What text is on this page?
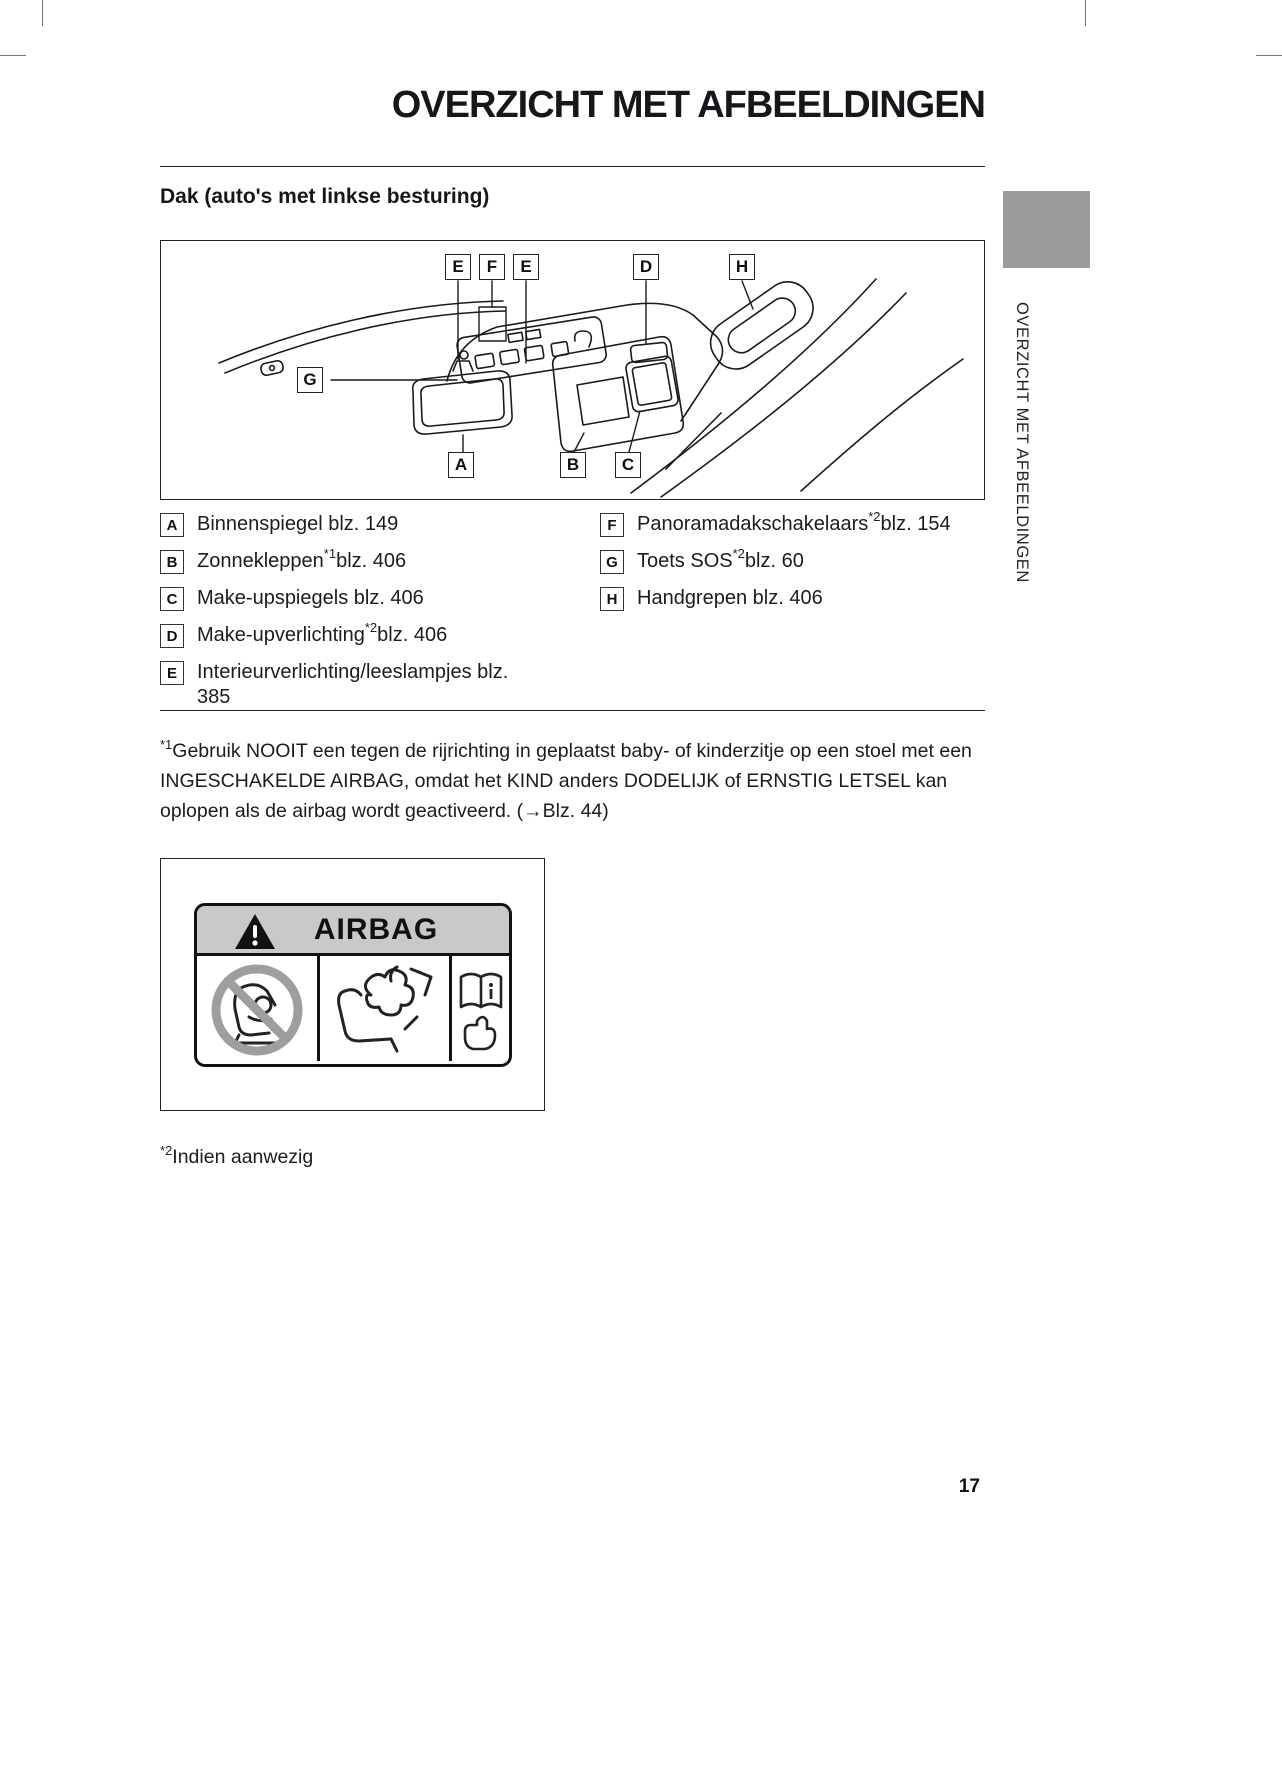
OVERZICHT MET AFBEELDINGEN
Dak (auto's met linkse besturing)
OVERZICHT MET AFBEELDINGEN
E	F	E	D	H
G
A	B	C
A Binnenspiegel blz. 149
B Zonnekleppen$^{*1}$blz. 406
C Make-upspiegels blz. 406
D Make-upverlichting$^{*2}$blz. 406
E	Interieurverlichting/leeslampjes blz. 385
F	Panoramadakschakelaars$^{*2}$blz. 154
G Toets SOS$^{*2}$blz. 60
H Handgrepen blz. 406
$^{*1}$Gebruik NOOIT een tegen de rijrichting in geplaatst baby- of kinderzitje op een stoel met een INGESCHAKELDE AIRBAG, omdat het KIND anders DODELIJK of ERNSTIG LETSEL kan oplopen als de airbag wordt geactiveerd. (→Blz. 44)
AIRBAG
$^{*2}$Indien aanwezig
17
